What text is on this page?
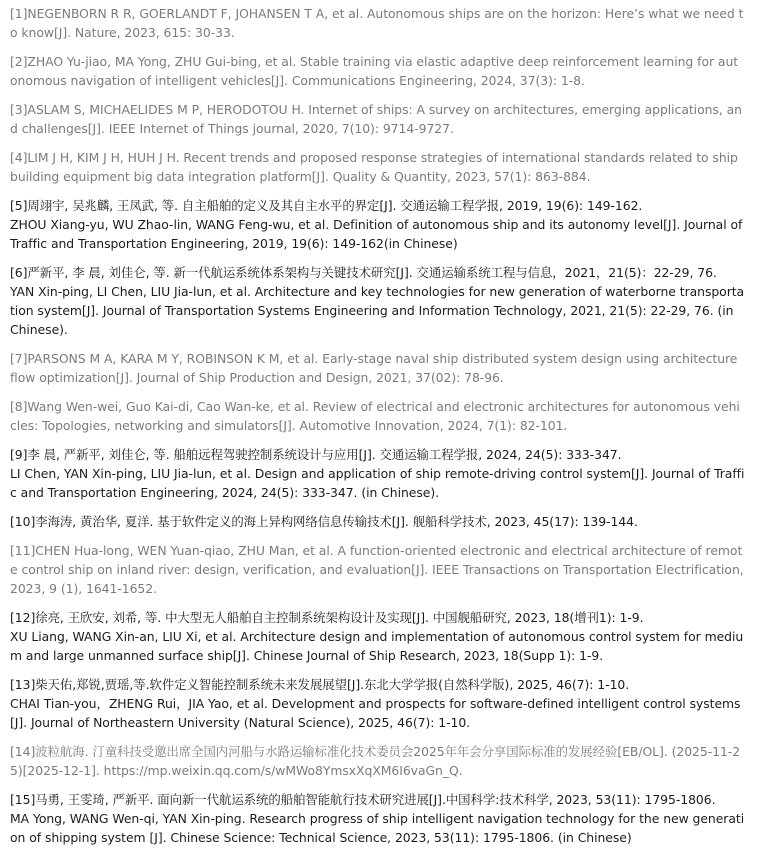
[1]NEGENBORN R R, GOERLANDT F, JOHANSEN T A, et al. Autonomous ships are on the horizon: Here’s what we need to know[J]. Nature, 2023, 615: 30-33.
[2]ZHAO Yu-jiao, MA Yong, ZHU Gui-bing, et al. Stable training via elastic adaptive deep reinforcement learning for autonomous navigation of intelligent vehicles[J]. Communications Engineering, 2024, 37(3): 1-8.
[3]ASLAM S, MICHAELIDES M P, HERODOTOU H. Internet of ships: A survey on architectures, emerging applications, and challenges[J]. IEEE Internet of Things journal, 2020, 7(10): 9714-9727.
[4]LIM J H, KIM J H, HUH J H. Recent trends and proposed response strategies of international standards related to shipbuilding equipment big data integration platform[J]. Quality & Quantity, 2023, 57(1): 863-884.
[5]周翊宇, 吴兆麟, 王凤武, 等. 自主船舶的定义及其自主水平的界定[J]. 交通运输工程学报, 2019, 19(6): 149-162.
ZHOU Xiang-yu, WU Zhao-lin, WANG Feng-wu, et al. Definition of autonomous ship and its autonomy level[J]. Journal of Traffic and Transportation Engineering, 2019, 19(6): 149-162(in Chinese)
[6]严新平, 李 晨, 刘佳仑, 等. 新一代航运系统体系架构与关键技术研究[J]. 交通运输系统工程与信息，2021，21(5)：22-29, 76.
YAN Xin-ping, LI Chen, LIU Jia-lun, et al. Architecture and key technologies for new generation of waterborne transportation system[J]. Journal of Transportation Systems Engineering and Information Technology, 2021, 21(5): 22-29, 76. (in Chinese).
[7]PARSONS M A, KARA M Y, ROBINSON K M, et al. Early-stage naval ship distributed system design using architecture flow optimization[J]. Journal of Ship Production and Design, 2021, 37(02): 78-96.
[8]Wang Wen-wei, Guo Kai-di, Cao Wan-ke, et al. Review of electrical and electronic architectures for autonomous vehicles: Topologies, networking and simulators[J]. Automotive Innovation, 2024, 7(1): 82-101.
[9]李 晨, 严新平, 刘佳仑, 等. 船舶远程驾驶控制系统设计与应用[J]. 交通运输工程学报, 2024, 24(5): 333-347.
LI Chen, YAN Xin-ping, LIU Jia-lun, et al. Design and application of ship remote-driving control system[J]. Journal of Traffic and Transportation Engineering, 2024, 24(5): 333-347. (in Chinese).
[10]李海涛, 黄治华, 夏洋. 基于软件定义的海上异构网络信息传输技术[J]. 舰船科学技术, 2023, 45(17): 139-144.
[11]CHEN Hua-long, WEN Yuan-qiao, ZHU Man, et al. A function-oriented electronic and electrical architecture of remote control ship on inland river: design, verification, and evaluation[J]. IEEE Transactions on Transportation Electrification, 2023, 9 (1), 1641-1652.
[12]徐亮, 王欣安, 刘希, 等. 中大型无人船舶自主控制系统架构设计及实现[J]. 中国舰船研究, 2023, 18(增刊1): 1-9.
XU Liang, WANG Xin-an, LIU Xi, et al. Architecture design and implementation of autonomous control system for medium and large unmanned surface ship[J]. Chinese Journal of Ship Research, 2023, 18(Supp 1): 1-9.
[13]柴天佑,郑锐,贾瑶,等.软件定义智能控制系统未来发展展望[J].东北大学学报(自然科学版), 2025, 46(7): 1-10.
CHAI Tian-you，ZHENG Rui，JIA Yao, et al. Development and prospects for software-defined intelligent control systems[J]. Journal of Northeastern University (Natural Science), 2025, 46(7): 1-10.
[14]波粒航海. 汀童科技受邀出席全国内河船与水路运输标准化技术委员会2025年年会分享国际标准的发展经验[EB/OL]. (2025-11-25)[2025-12-1]. https://mp.weixin.qq.com/s/wMWo8YmsxXqXM6I6vaGn_Q.
[15]马勇, 王雯琦, 严新平. 面向新一代航运系统的船舶智能航行技术研究进展[J].中国科学:技术科学, 2023, 53(11): 1795-1806.
MA Yong, WANG Wen-qi, YAN Xin-ping. Research progress of ship intelligent navigation technology for the new generation of shipping system [J]. Chinese Science: Technical Science, 2023, 53(11): 1795-1806. (in Chinese)
